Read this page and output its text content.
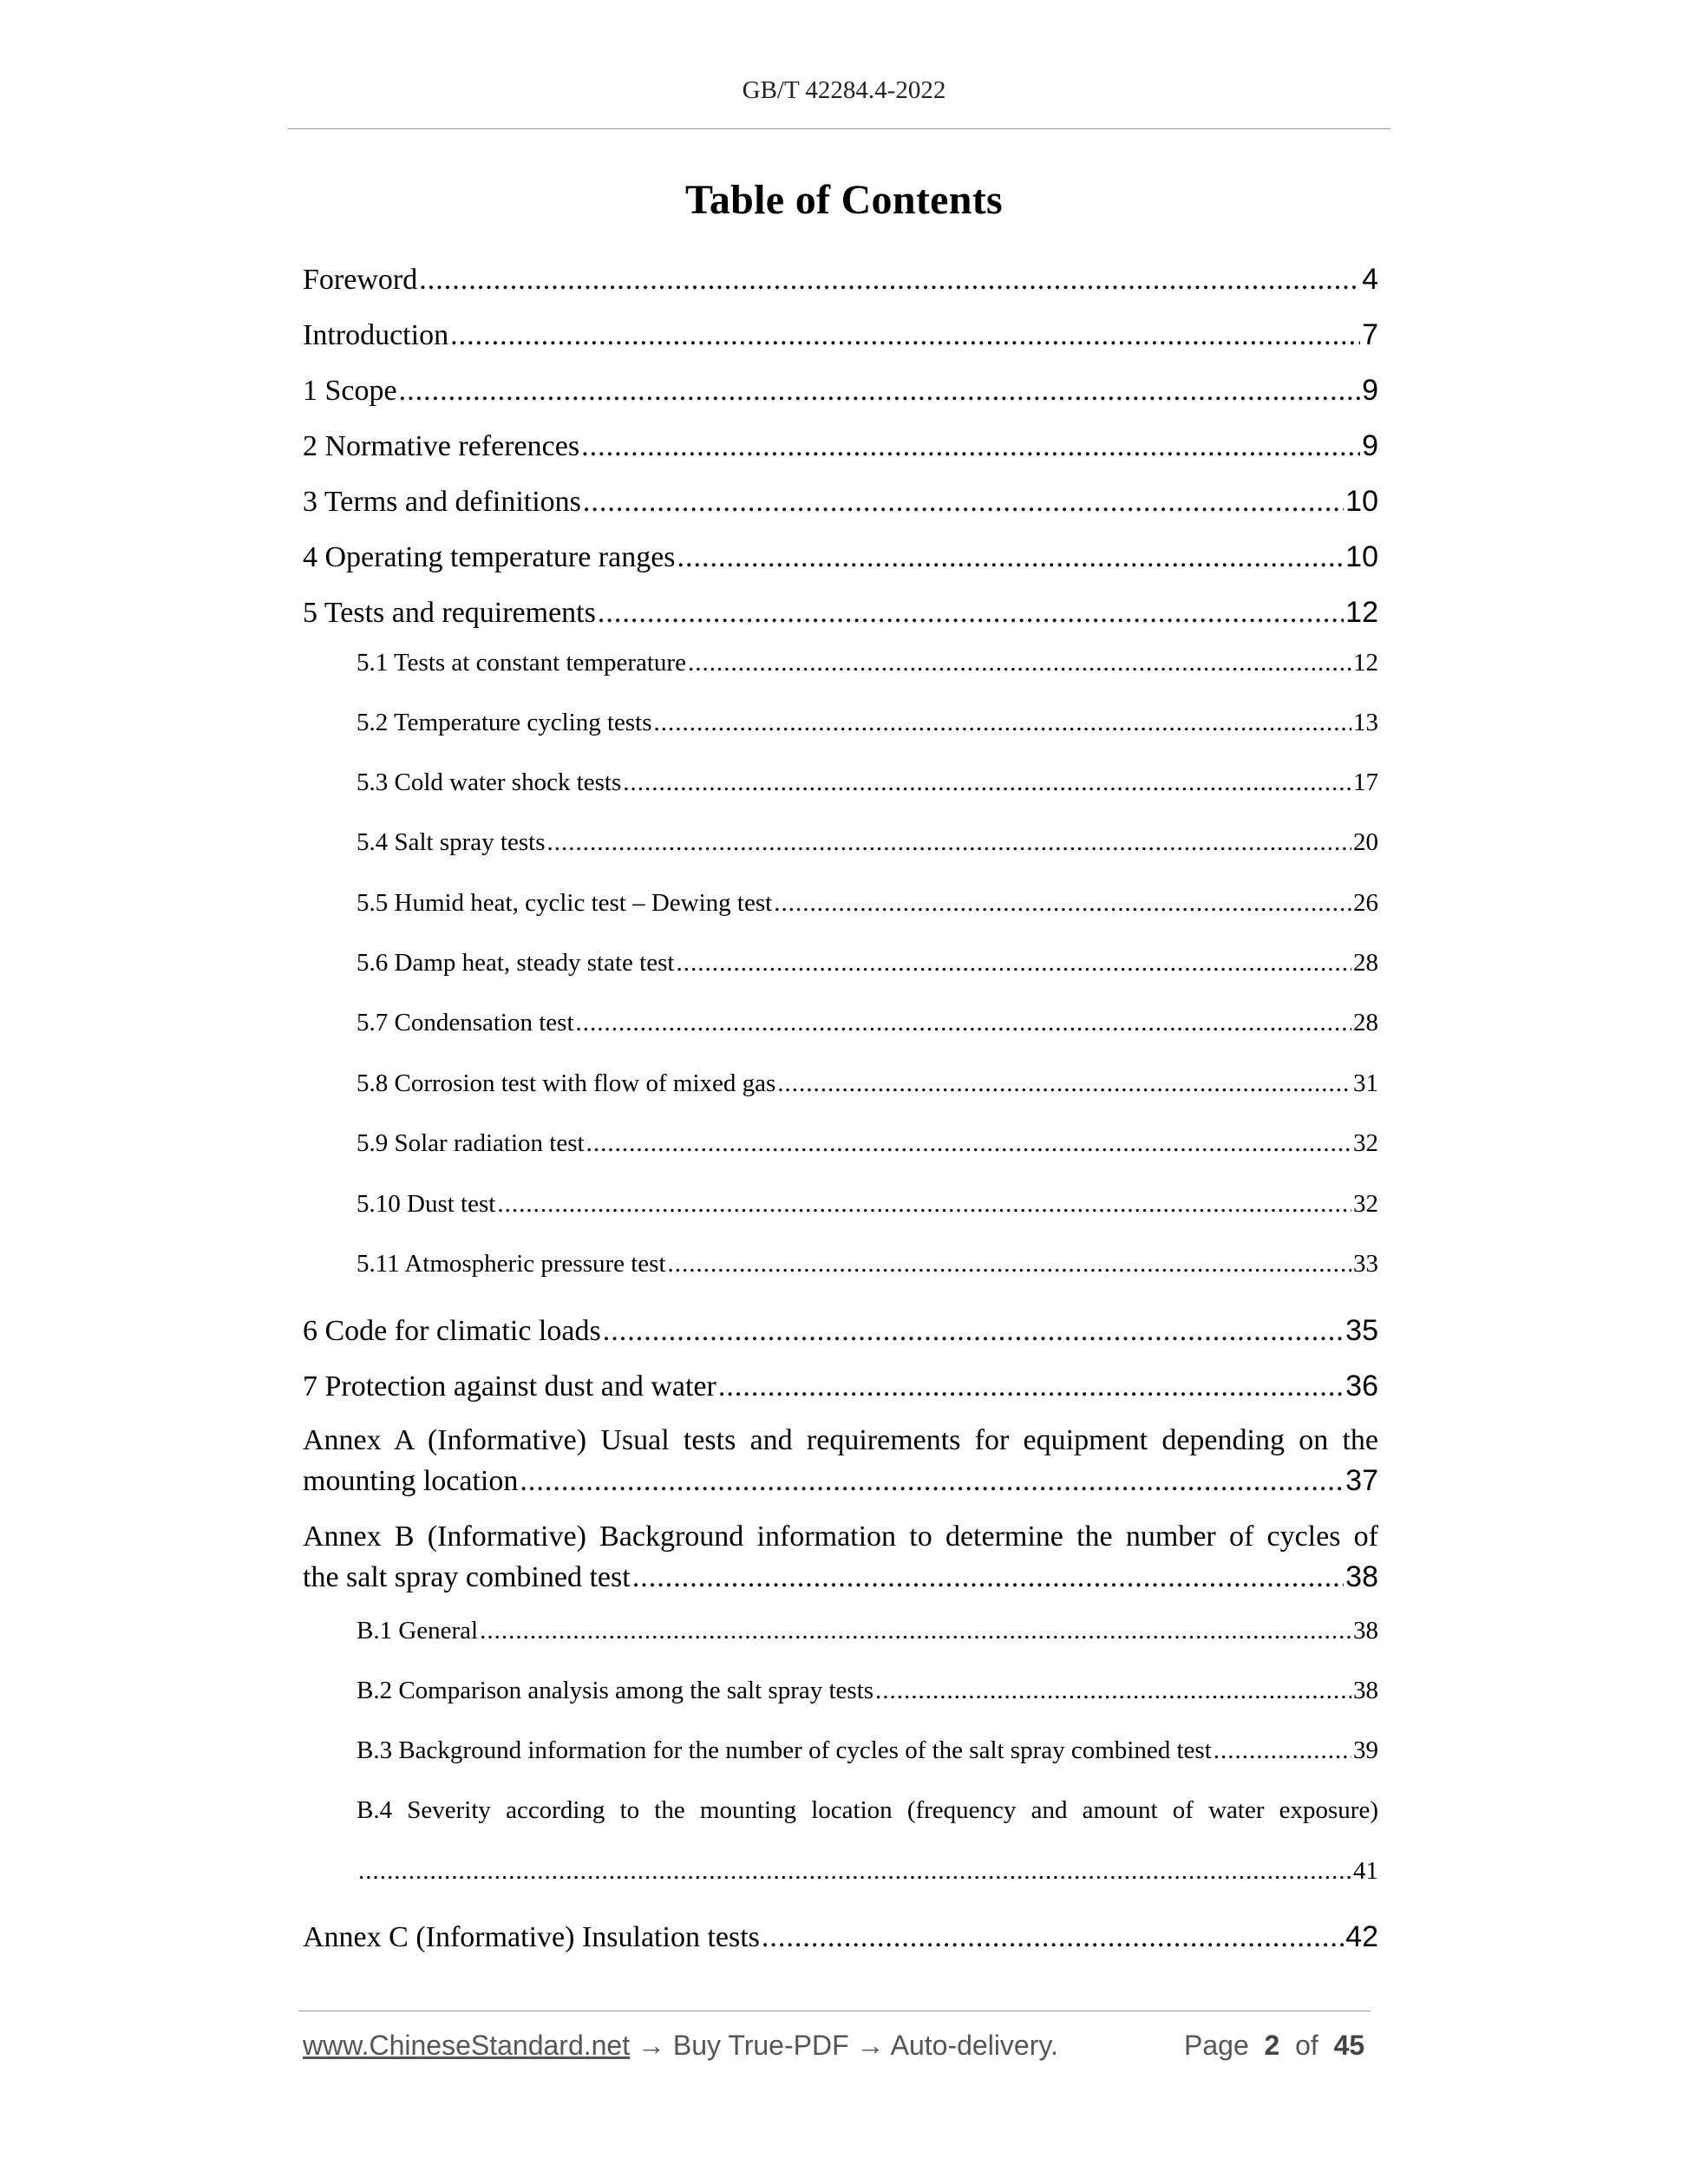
GB/T 42284.4-2022
Table of Contents
Foreword .....	4
Introduction .....	7
1 Scope .....	9
2 Normative references .....	9
3 Terms and definitions .....	10
4 Operating temperature ranges .....	10
5 Tests and requirements .....	12
5.1 Tests at constant temperature .....	12
5.2 Temperature cycling tests .....	13
5.3 Cold water shock tests .....	17
5.4 Salt spray tests .....	20
5.5 Humid heat, cyclic test – Dewing test .....	26
5.6 Damp heat, steady state test .....	28
5.7 Condensation test .....	28
5.8 Corrosion test with flow of mixed gas .....	31
5.9 Solar radiation test .....	32
5.10 Dust test .....	32
5.11 Atmospheric pressure test .....	33
6 Code for climatic loads .....	35
7 Protection against dust and water .....	36
Annex A (Informative) Usual tests and requirements for equipment depending on the
mounting location .....	37
Annex B (Informative) Background information to determine the number of cycles of
the salt spray combined test .....	38
B.1 General .....	38
B.2 Comparison analysis among the salt spray tests .....	38
B.3 Background information for the number of cycles of the salt spray combined test .....	39
B.4 Severity according to the mounting location (frequency and amount of water exposure)
.....
41
Annex C (Informative) Insulation tests .....	42
www.ChineseStandard.net → Buy True-PDF → Auto-delivery.	Page 2 of 45
